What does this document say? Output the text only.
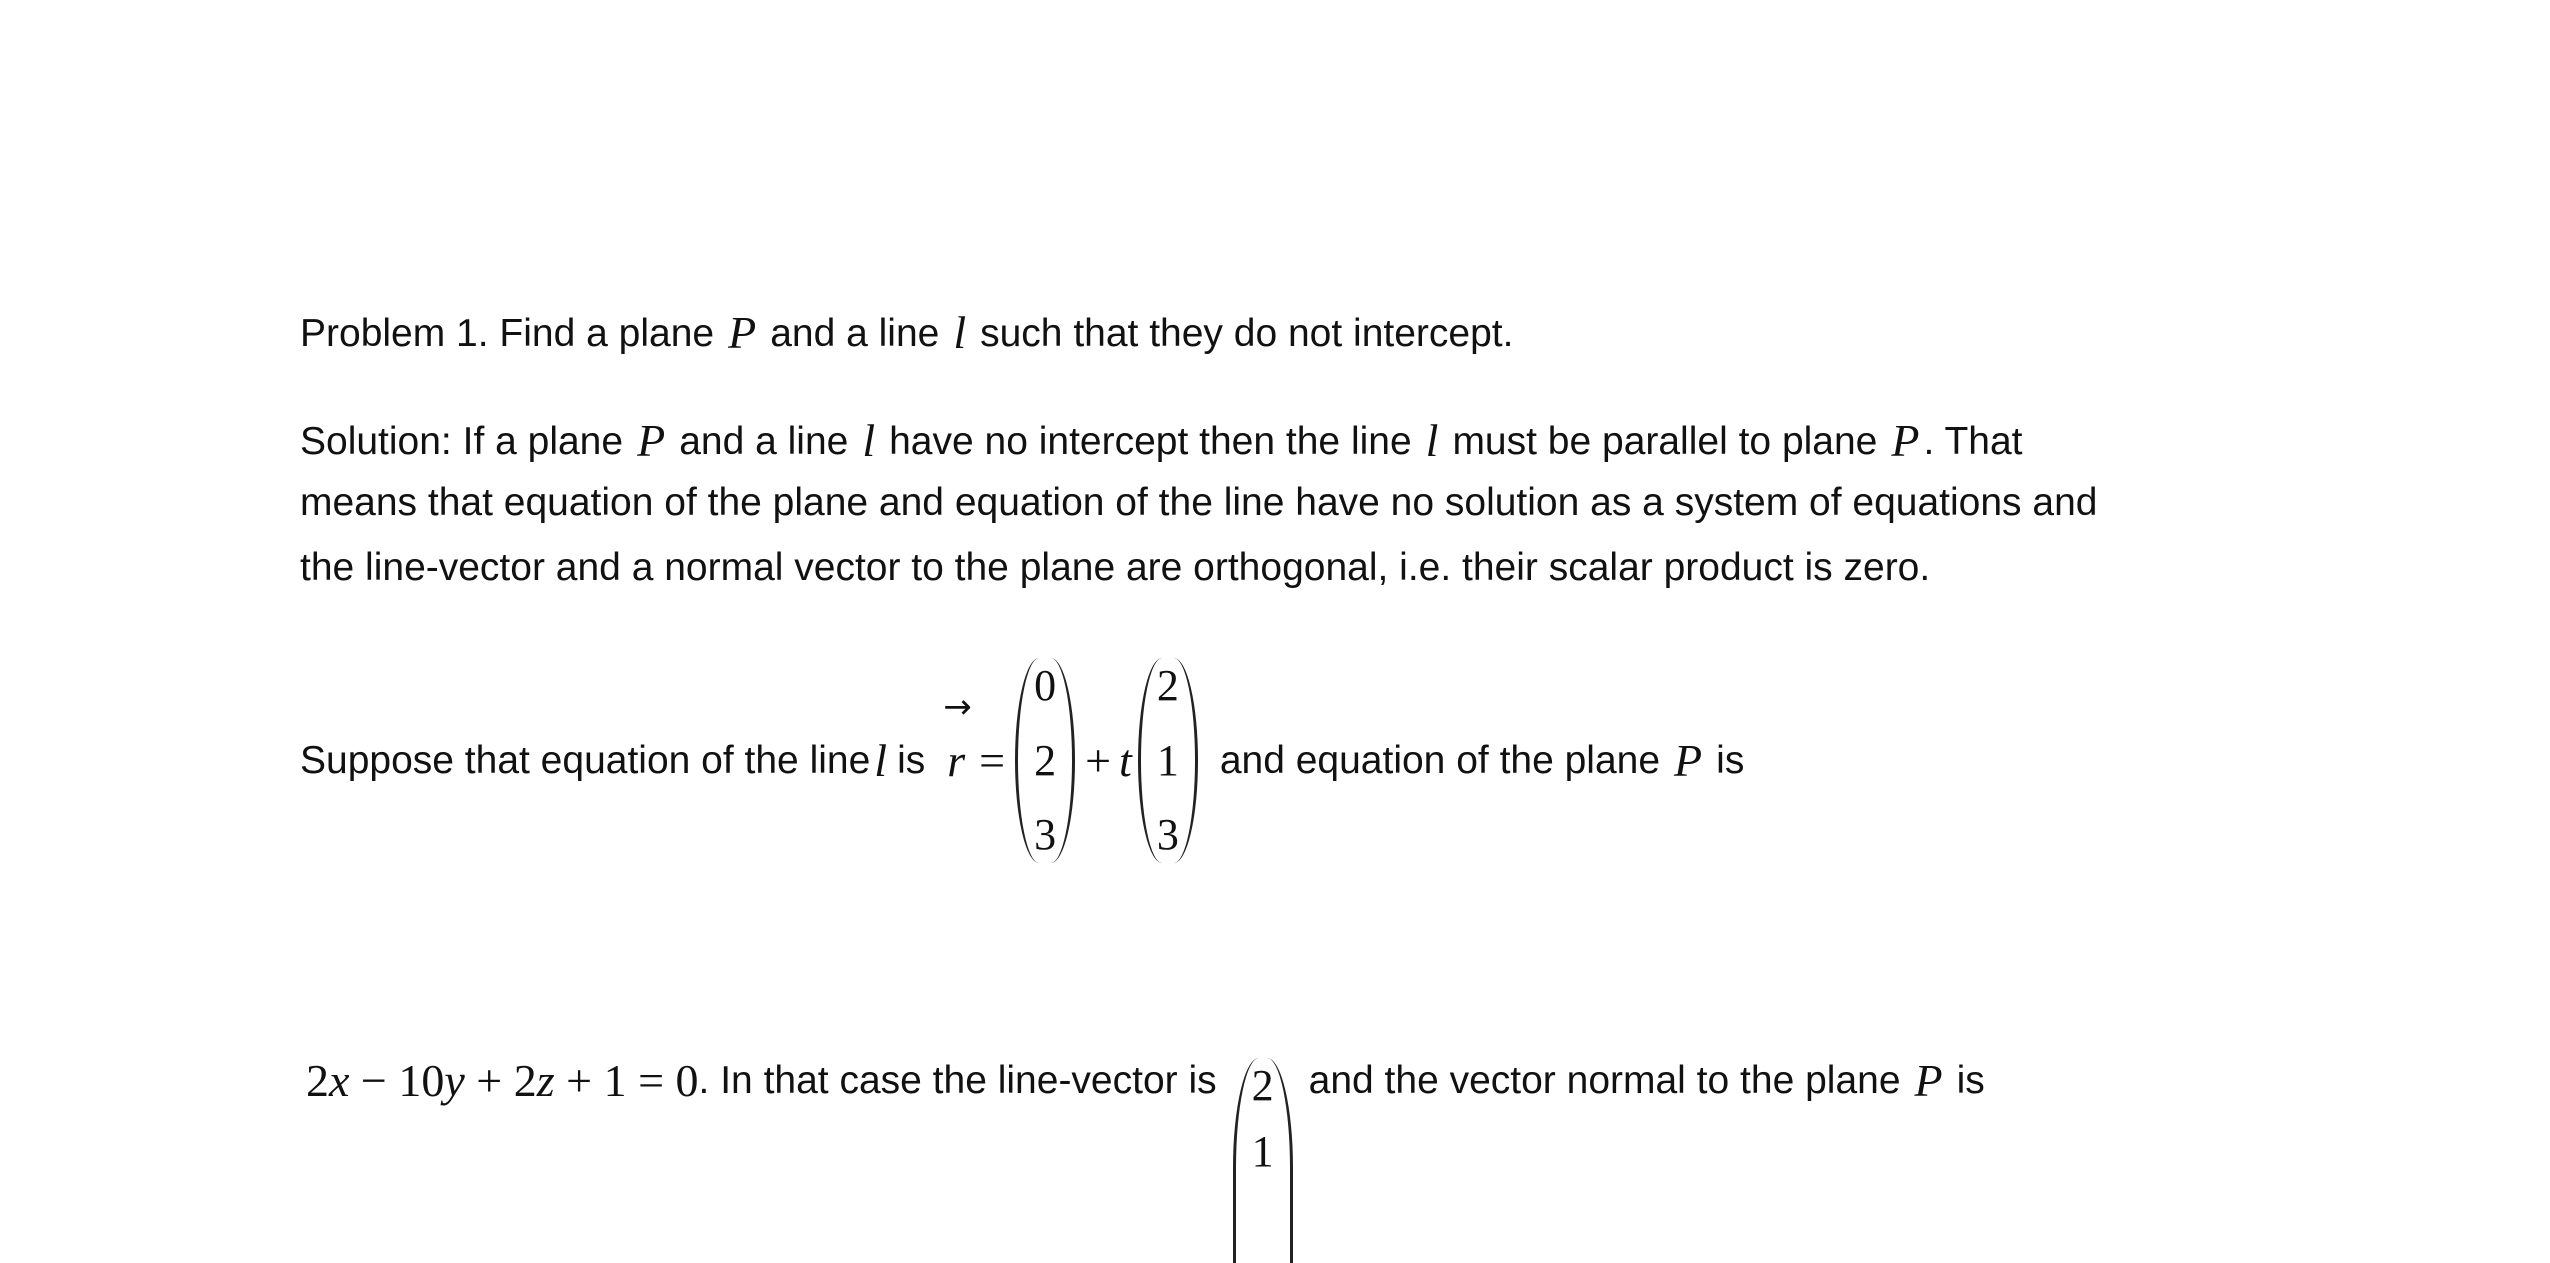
Problem 1. Find a plane P and a line l such that they do not intercept.
Solution: If a plane P and a line l have no intercept then the line l must be parallel to plane P . That
means that equation of the plane and equation of the line have no solution as a system of equations and
the line-vector and a normal vector to the plane are orthogonal, i.e. their scalar product is zero.
Suppose that equation of the line l is
→
r =
0
2
3
+ t
2
1
3
and equation of the plane P is
2x − 10y + 2z + 1 = 0 . In that case the line-vector is 2
1
and the vector normal to the plane P is
